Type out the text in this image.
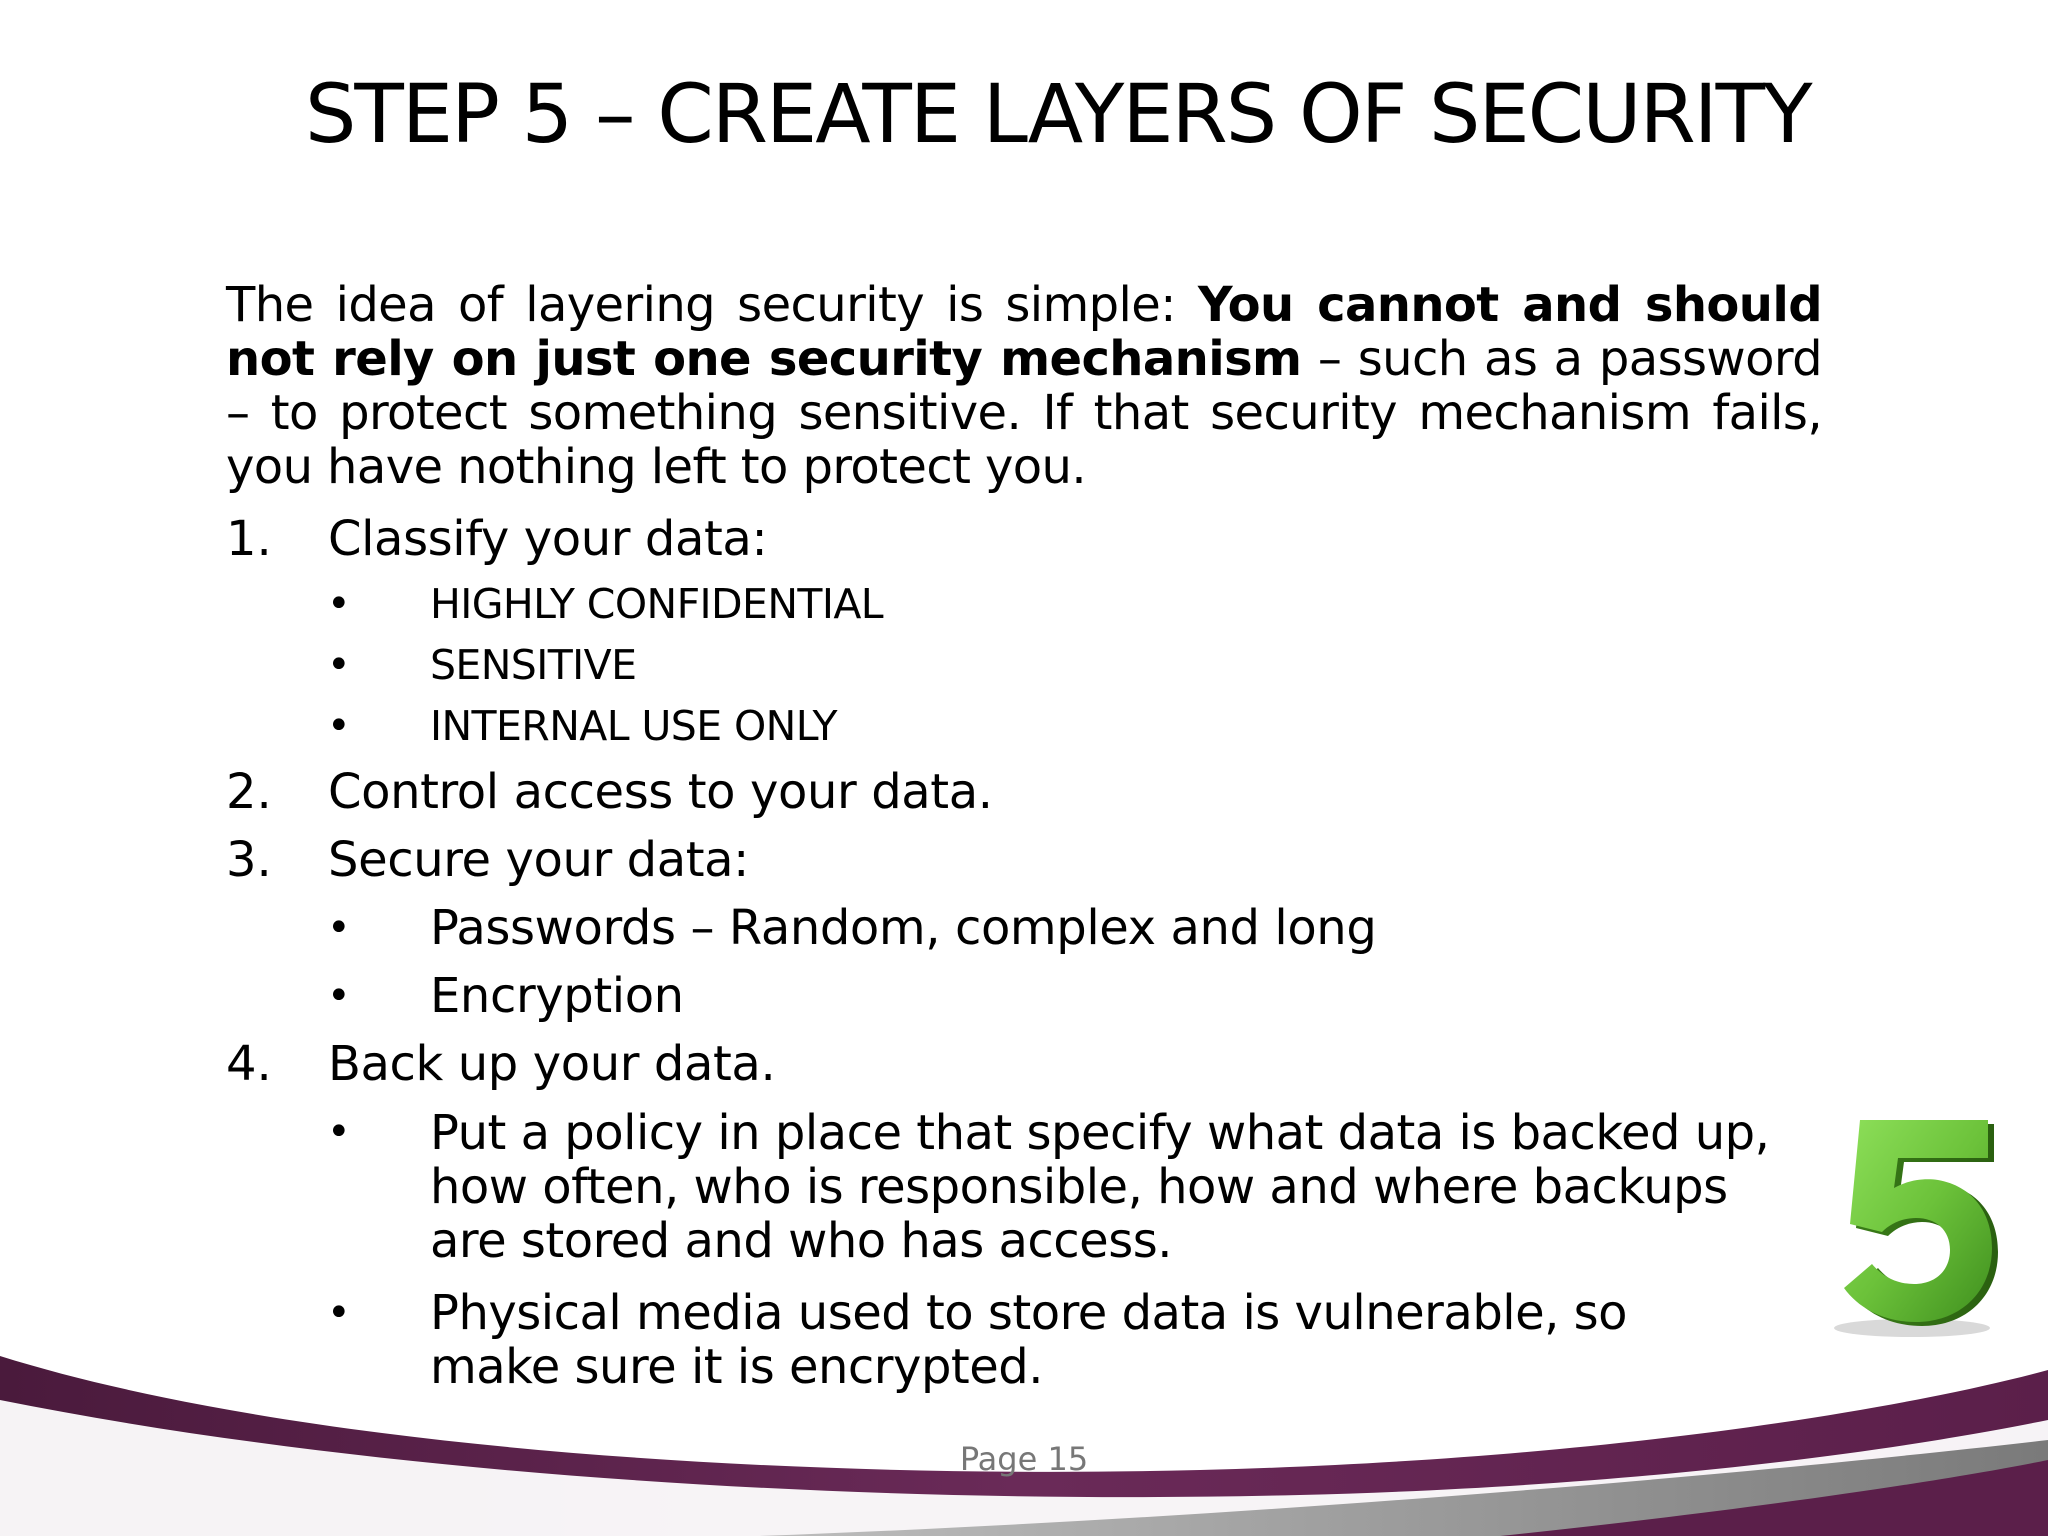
STEP 5 – CREATE LAYERS OF SECURITY

The idea of layering security is simple: You cannot and should not rely on just one security mechanism – such as a password – to protect something sensitive. If that security mechanism fails, you have nothing left to protect you.

1. Classify your data:
• HIGHLY CONFIDENTIAL
• SENSITIVE
• INTERNAL USE ONLY
2. Control access to your data.
3. Secure your data:
• Passwords – Random, complex and long
• Encryption
4. Back up your data.
• Put a policy in place that specify what data is backed up, how often, who is responsible, how and where backups are stored and who has access.
• Physical media used to store data is vulnerable, so make sure it is encrypted.
5
Page 15
